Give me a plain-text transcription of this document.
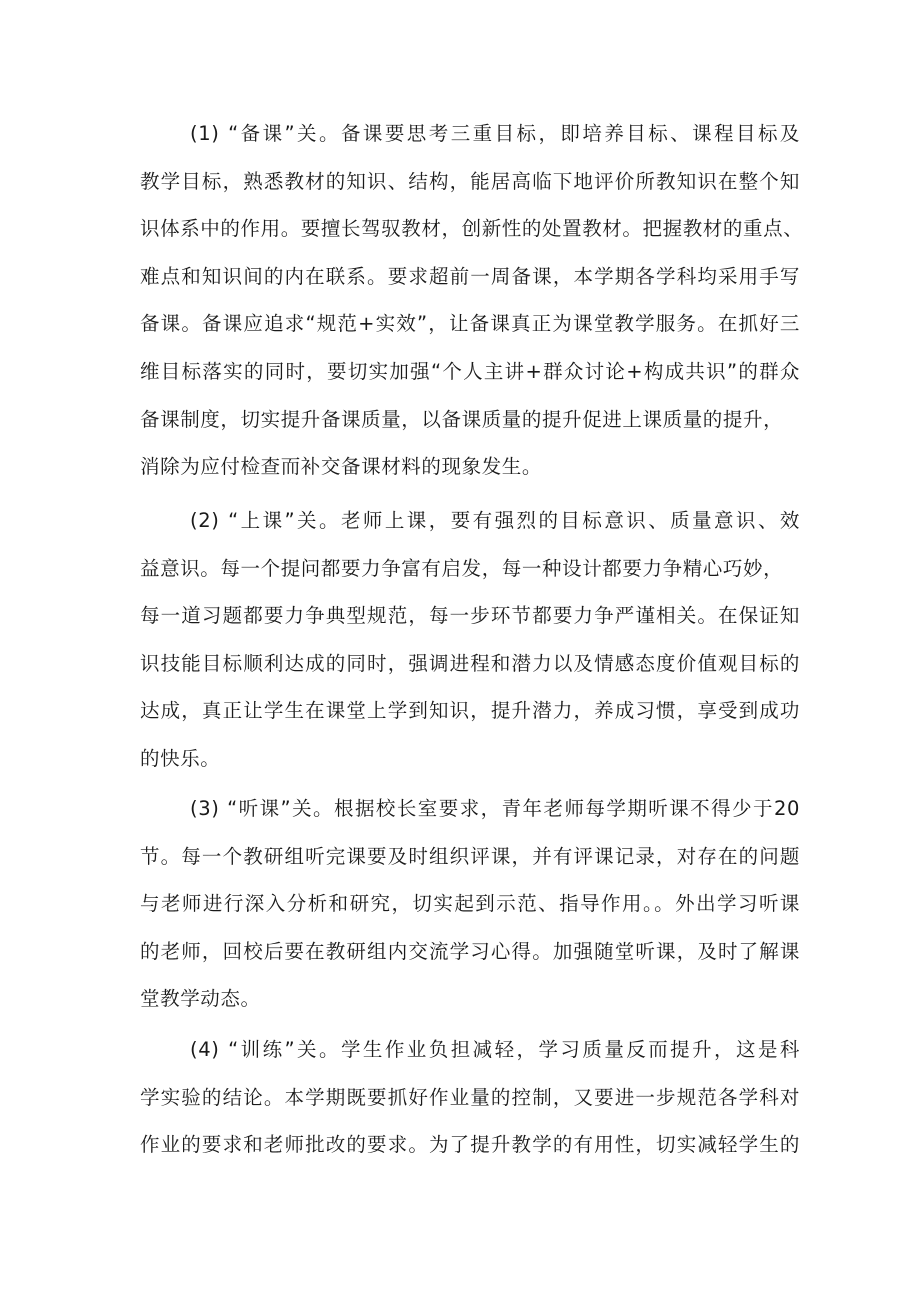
(1) “备课”关。备课要思考三重目标，即培养目标、课程目标及
教学目标，熟悉教材的知识、结构，能居高临下地评价所教知识在整个知
识体系中的作用。要擅长驾驭教材，创新性的处置教材。把握教材的重点、
难点和知识间的内在联系。要求超前一周备课，本学期各学科均采用手写
备课。备课应追求“规范+实效”，让备课真正为课堂教学服务。在抓好三
维目标落实的同时，要切实加强“个人主讲+群众讨论+构成共识”的群众
备课制度，切实提升备课质量，以备课质量的提升促进上课质量的提升，
消除为应付检查而补交备课材料的现象发生。

(2) “上课”关。老师上课，要有强烈的目标意识、质量意识、效
益意识。每一个提问都要力争富有启发，每一种设计都要力争精心巧妙，
每一道习题都要力争典型规范，每一步环节都要力争严谨相关。在保证知
识技能目标顺利达成的同时，强调进程和潜力以及情感态度价值观目标的
达成，真正让学生在课堂上学到知识，提升潜力，养成习惯，享受到成功
的快乐。

(3) “听课”关。根据校长室要求，青年老师每学期听课不得少于20
节。每一个教研组听完课要及时组织评课，并有评课记录，对存在的问题
与老师进行深入分析和研究，切实起到示范、指导作用。。外出学习听课
的老师，回校后要在教研组内交流学习心得。加强随堂听课，及时了解课
堂教学动态。

(4) “训练”关。学生作业负担减轻，学习质量反而提升，这是科
学实验的结论。本学期既要抓好作业量的控制，又要进一步规范各学科对
作业的要求和老师批改的要求。为了提升教学的有用性，切实减轻学生的
